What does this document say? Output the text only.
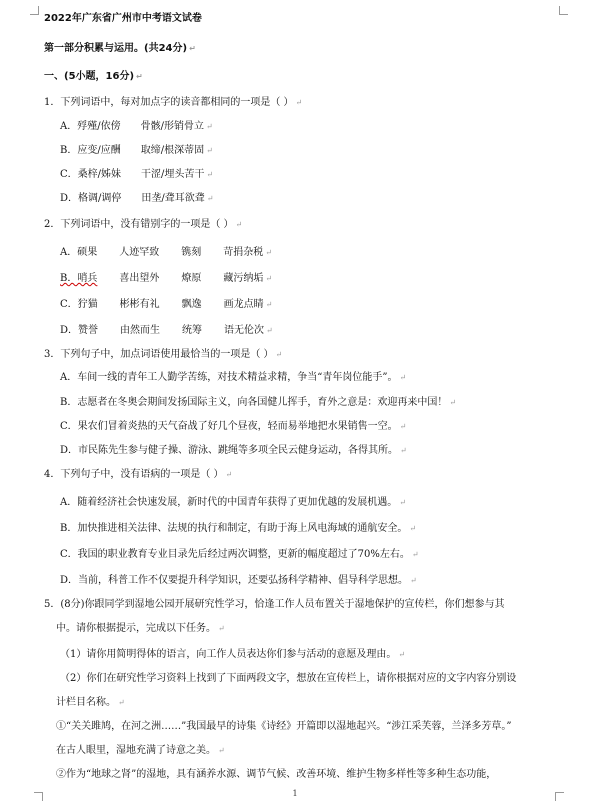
2022年广东省广州市中考语文试卷
第一部分积累与运用。(共24分) ↵
一、(5小题，16分) ↵
1．下列词语中，每对加点字的读音都相同的一项是（ ） ↵
A．殍殣/依傍 骨骸/形销骨立 ↵
B．应变/应酬 取缔/根深蒂固 ↵
C．桑梓/姊妹 干涩/埋头苦干 ↵
D．格调/调停 田垄/聋耳欲聋 ↵
2．下列词语中，没有错别字的一项是（ ） ↵
A．硕果 人迹罕致 镌刻 苛捐杂税 ↵
B．哨兵 喜出望外 燎原 藏污纳垢 ↵
C．狞猫 彬彬有礼 飘逸 画龙点睛 ↵
D．赞誉 由然而生 统筹 语无伦次 ↵
3．下列句子中，加点词语使用最恰当的一项是（ ） ↵
A．车间一线的青年工人勤学苦练，对技术精益求精，争当“青年岗位能手”。 ↵
B．志愿者在冬奥会期间发扬国际主义，向各国健儿挥手，育外之意是：欢迎再来中国！ ↵
C．果农们冒着炎热的天气奋战了好几个昼夜，轻而易举地把水果销售一空。 ↵
D．市民陈先生参与健子操、游泳、跳绳等多项全民云健身运动，各得其所。 ↵
4．下列句子中，没有语病的一项是（ ） ↵
A．随着经济社会快速发展，新时代的中国青年获得了更加优越的发展机遇。 ↵
B．加快推进相关法律、法规的执行和制定，有助于海上风电海域的通航安全。 ↵
C．我国的职业教育专业目录先后经过两次调整，更新的幅度超过了70%左右。 ↵
D．当前，科普工作不仅要提升科学知识，还要弘扬科学精神、倡导科学思想。 ↵
5．(8分)你跟同学到湿地公园开展研究性学习，恰逢工作人员布置关于湿地保护的宣传栏，你们想参与其
中。请你根据提示，完成以下任务。 ↵
（1）请你用简明得体的语言，向工作人员表达你们参与活动的意愿及理由。 ↵
（2）你们在研究性学习资料上找到了下面两段文字，想放在宣传栏上，请你根据对应的文字内容分别设
计栏目名称。 ↵
①“关关雎鸠，在河之洲……”我国最早的诗集《诗经》开篇即以湿地起兴。“涉江采芙蓉，兰泽多芳草。”
在古人眼里，湿地充满了诗意之美。 ↵
②作为“地球之肾”的湿地，具有涵养水源、调节气候、改善环境、维护生物多样性等多种生态功能，
1
